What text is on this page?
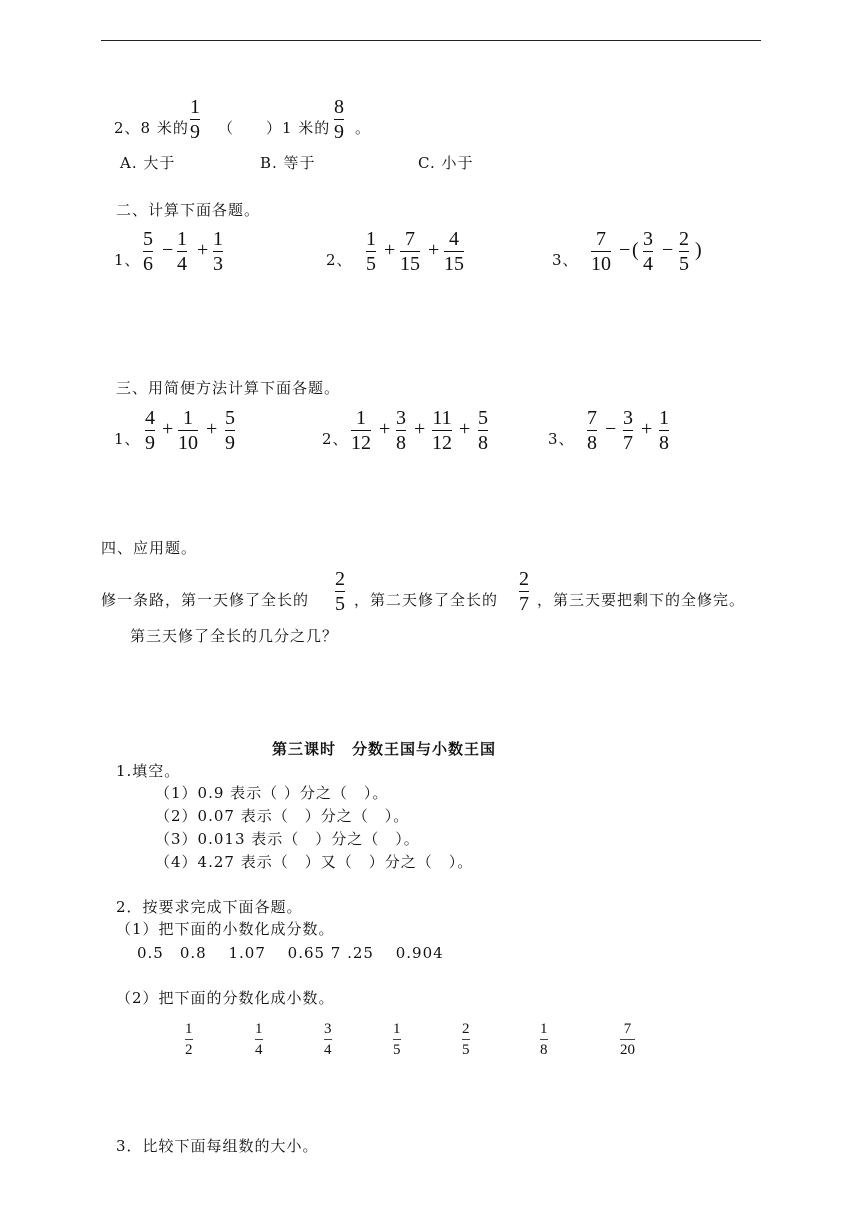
2、8 米的
1
9 （　　）1 米的
8
9 。
A. 大于	B. 等于	C. 小于
二、计算下面各题。
1、
5
6
− 1
4
+ 1
3	2、
1
5
+ 7
15
+ 4
15	3、
7
10
− ( 3
4
− 2
5
)
三、用简便方法计算下面各题。
1、
4
9
+ 1
10
+ 5
9	2、
1
12
+ 3
8
+ 11
12
+ 5
8	3、
7
8
− 3
7
+ 1
8
四、应用题。
修一条路，第一天修了全长的
2
5 ，第二天修了全长的
2
7 ，第三天要把剩下的全修完。
第三天修了全长的几分之几？
第三课时　分数王国与小数王国
1.填空。
（1）0.9 表示（ ）分之（　）。
（2）0.07 表示（　）分之（　）。
（3）0.013 表示（　）分之（　）。
（4）4.27 表示（　）又（　）分之（　）。
2．按要求完成下面各题。
（1）把下面的小数化成分数。
0.5　0.8　 1.07　 0.65 7 .25　 0.904
（2）把下面的分数化成小数。
1
2
1
4
3
4
1
5
2
5
1
8
7
20
3．比较下面每组数的大小。
